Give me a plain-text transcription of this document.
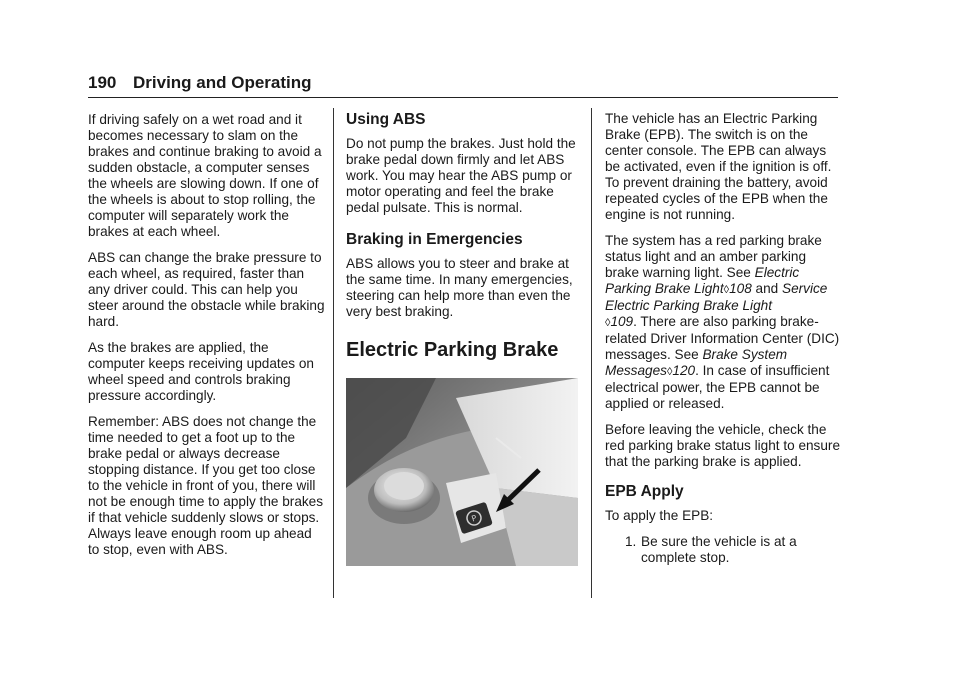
190 Driving and Operating

If driving safely on a wet road and it becomes necessary to slam on the brakes and continue braking to avoid a sudden obstacle, a computer senses the wheels are slowing down. If one of the wheels is about to stop rolling, the computer will separately work the brakes at each wheel.

ABS can change the brake pressure to each wheel, as required, faster than any driver could. This can help you steer around the obstacle while braking hard.

As the brakes are applied, the computer keeps receiving updates on wheel speed and controls braking pressure accordingly.

Remember: ABS does not change the time needed to get a foot up to the brake pedal or always decrease stopping distance. If you get too close to the vehicle in front of you, there will not be enough time to apply the brakes if that vehicle suddenly slows or stops. Always leave enough room up ahead to stop, even with ABS.

Using ABS

Do not pump the brakes. Just hold the brake pedal down firmly and let ABS work. You may hear the ABS pump or motor operating and feel the brake pedal pulsate. This is normal.

Braking in Emergencies

ABS allows you to steer and brake at the same time. In many emergencies, steering can help more than even the very best braking.

Electric Parking Brake
P

The vehicle has an Electric Parking Brake (EPB). The switch is on the center console. The EPB can always be activated, even if the ignition is off. To prevent draining the battery, avoid repeated cycles of the EPB when the engine is not running.

The system has a red parking brake status light and an amber parking brake warning light. See Electric Parking Brake Light◊108 and Service Electric Parking Brake Light
◊109. There are also parking brake-related Driver Information Center (DIC) messages. See Brake System Messages◊120. In case of insufficient electrical power, the EPB cannot be applied or released.

Before leaving the vehicle, check the red parking brake status light to ensure that the parking brake is applied.

EPB Apply

To apply the EPB:

1. Be sure the vehicle is at a complete stop.
